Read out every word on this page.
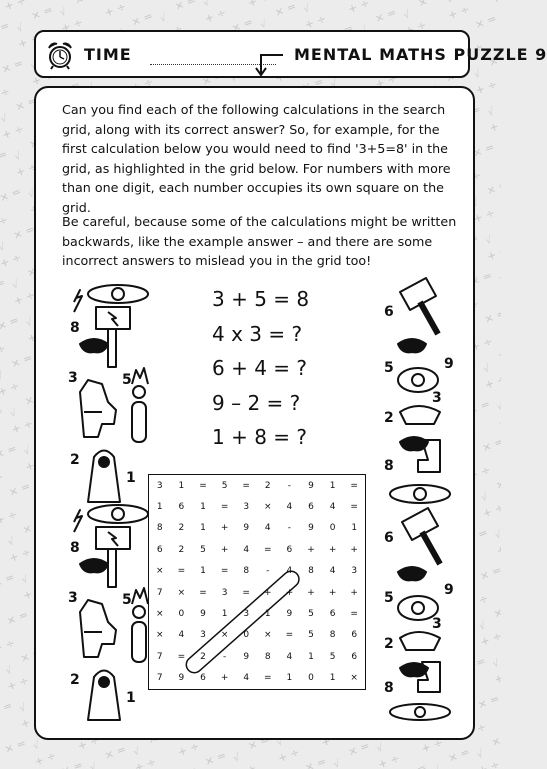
TIME	MENTAL MATHS PUZZLE 9

Can you find each of the following calculations in the search grid, along with its correct answer? So, for example, for the first calculation below you would need to find '3+5=8' in the grid, as highlighted in the grid below. For numbers with more than one digit, each number occupies its own square on the grid.

Be careful, because some of the calculations might be written backwards, like the example answer – and there are some incorrect answers to mislead you in the grid too!

3 + 5 = 8
4 x 3 = ?
6 + 4 = ?
9 – 2 = ?
1 + 8 = ?
3	1	=	5	=	2	-	9	1	=
1	6	1	=	3	×	4	6	4	=
8	2	1	+	9	4	-	9	0	1
6	2	5	+	4	=	6	+	+	+
×	=	1	=	8	-	4	8	4	3
7	×	=	3	=	+	+	+	+	+
×	0	9	1	3	1	9	5	6	=
×	4	3	×	0	×	=	5	8	6
7	=	2	-	9	8	4	1	5	6
7	9	6	+	4	=	1	0	1	×
8
3	5
2
1
8
3	5
2
1
6
5	9
3
2
8
6
5	9
3
2
8
